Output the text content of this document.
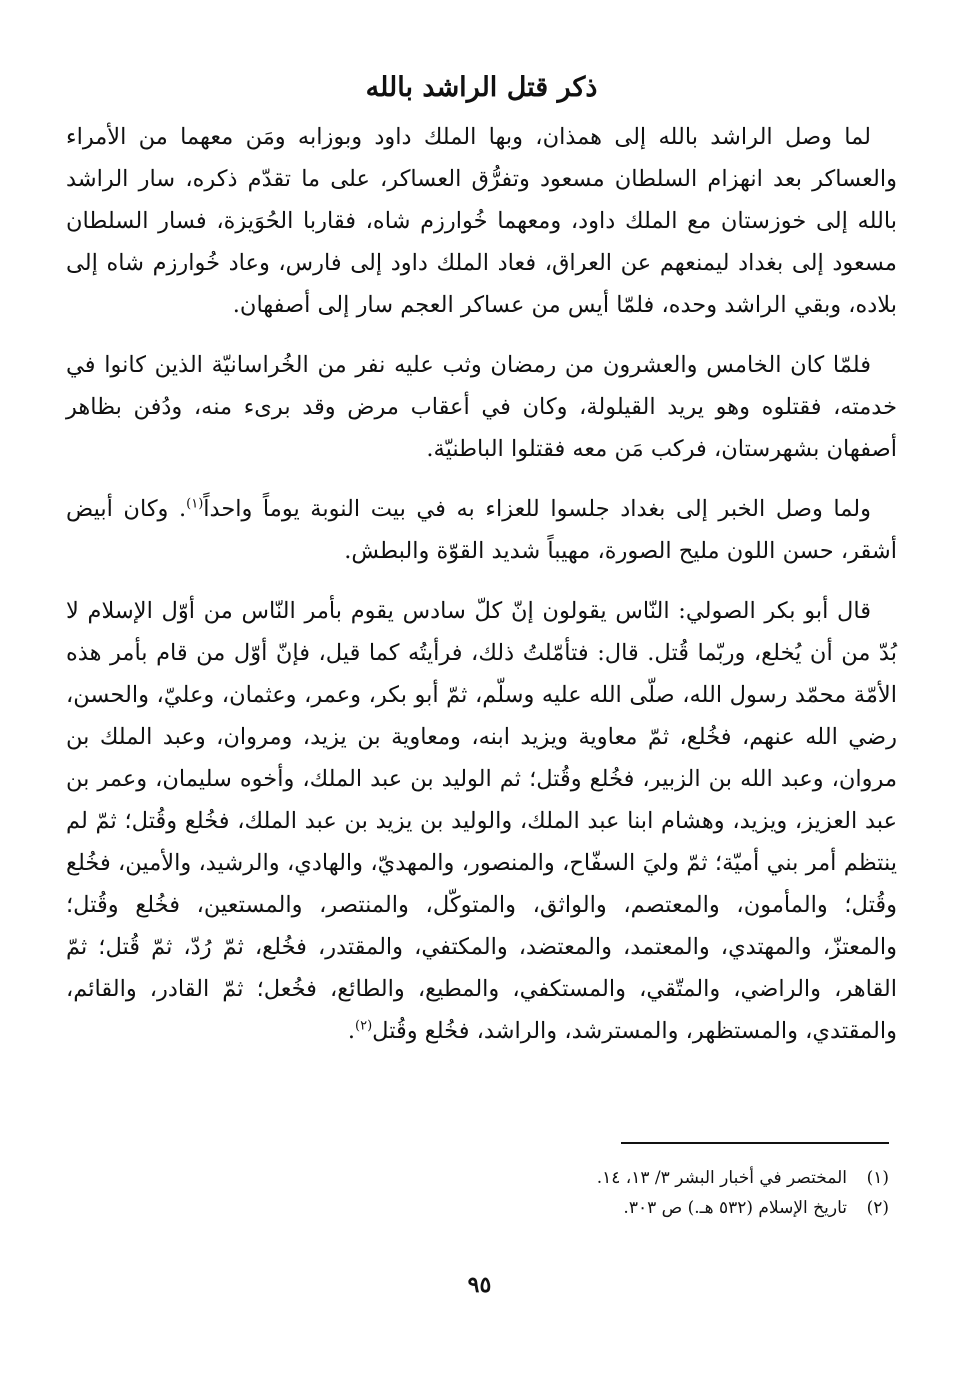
ذكر قتل الراشد بالله

لما وصل الراشد بالله إلى همذان، وبها الملك داود وبوزابه ومَن معهما من الأمراء والعساكر بعد انهزام السلطان مسعود وتفرُّق العساكر، على ما تقدّم ذكره، سار الراشد بالله إلى خوزستان مع الملك داود، ومعهما خُوارزم شاه، فقاربا الحُوَيزة، فسار السلطان مسعود إلى بغداد ليمنعهم عن العراق، فعاد الملك داود إلى فارس، وعاد خُوارزم شاه إلى بلاده، وبقي الراشد وحده، فلمّا أيس من عساكر العجم سار إلى أصفهان.

فلمّا كان الخامس والعشرون من رمضان وثب عليه نفر من الخُراسانيّة الذين كانوا في خدمته، فقتلوه وهو يريد القيلولة، وكان في أعقاب مرض وقد برىء منه، ودُفن بظاهر أصفهان بشهرستان، فركب مَن معه فقتلوا الباطنيّة.

ولما وصل الخبر إلى بغداد جلسوا للعزاء به في بيت النوبة يوماً واحداً$^{(١)}$. وكان أبيض أشقر، حسن اللون مليح الصورة، مهيباً شديد القوّة والبطش.

قال أبو بكر الصولي: النّاس يقولون إنّ كلّ سادس يقوم بأمر النّاس من أوّل الإسلام لا بُدّ من أن يُخلع، وربّما قُتل. قال: فتأمّلتُ ذلك، فرأيتُه كما قيل، فإنّ أوّل من قام بأمر هذه الأمّة محمّد رسول الله، صلّى الله عليه وسلّم، ثمّ أبو بكر، وعمر، وعثمان، وعليّ، والحسن، رضي الله عنهم، فخُلع، ثمّ معاوية ويزيد ابنه، ومعاوية بن يزيد، ومروان، وعبد الملك بن مروان، وعبد الله بن الزبير، فخُلع وقُتل؛ ثم الوليد بن عبد الملك، وأخوه سليمان، وعمر بن عبد العزيز، ويزيد، وهشام ابنا عبد الملك، والوليد بن يزيد بن عبد الملك، فخُلع وقُتل؛ ثمّ لم ينتظم أمر بني أميّة؛ ثمّ وليَ السفّاح، والمنصور، والمهديّ، والهادي، والرشيد، والأمين، فخُلع وقُتل؛ والمأمون، والمعتصم، والواثق، والمتوكّل، والمنتصر، والمستعين، فخُلع وقُتل؛ والمعتزّ، والمهتدي، والمعتمد، والمعتضد، والمكتفي، والمقتدر، فخُلع، ثمّ رُدّ، ثمّ قُتل؛ ثمّ القاهر، والراضي، والمتّقي، والمستكفي، والمطيع، والطائع، فخُعل؛ ثمّ القادر، والقائم، والمقتدي، والمستظهر، والمسترشد، والراشد، فخُلع وقُتل$^{(٢)}$.

(١)
المختصر في أخبار البشر ٣/ ١٣، ١٤.
(٢)
تاريخ الإسلام (٥٣٢ هـ.) ص ٣٠٣.
٩٥
